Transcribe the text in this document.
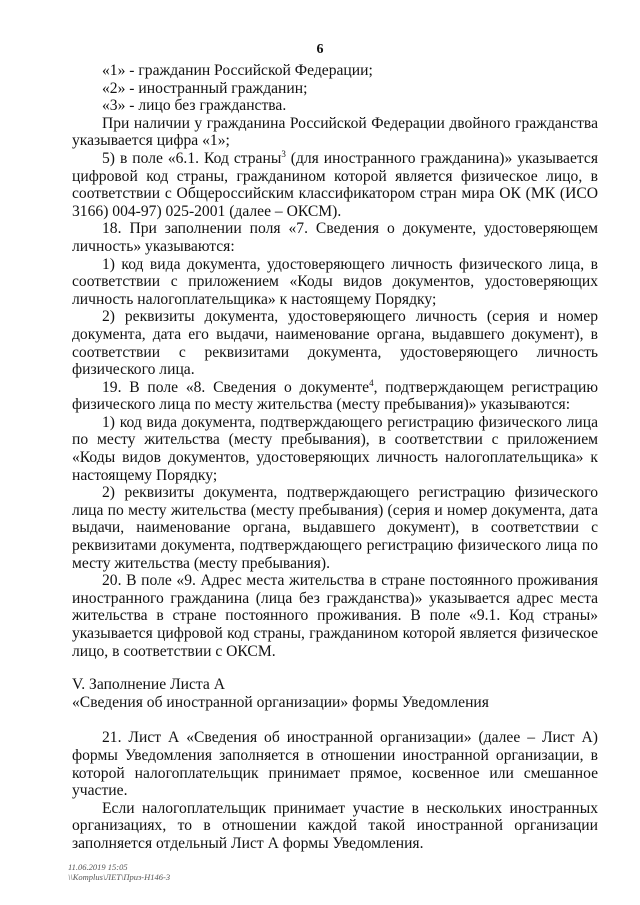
6

«1» - гражданин Российской Федерации;

«2» - иностранный гражданин;

«3» - лицо без гражданства.

При наличии у гражданина Российской Федерации двойного гражданства указывается цифра «1»;

5) в поле «6.1. Код страны$^3$ (для иностранного гражданина)» указывается цифровой код страны, гражданином которой является физическое лицо, в соответствии с Общероссийским классификатором стран мира ОК (МК (ИСО 3166) 004-97) 025-2001 (далее – ОКСМ).

18. При заполнении поля «7. Сведения о документе, удостоверяющем личность» указываются:

1) код вида документа, удостоверяющего личность физического лица, в соответствии с приложением «Коды видов документов, удостоверяющих личность налогоплательщика» к настоящему Порядку;

2) реквизиты документа, удостоверяющего личность (серия и номер документа, дата его выдачи, наименование органа, выдавшего документ), в соответствии с реквизитами документа, удостоверяющего личность физического лица.

19. В поле «8. Сведения о документе$^4$, подтверждающем регистрацию физического лица по месту жительства (месту пребывания)» указываются:

1) код вида документа, подтверждающего регистрацию физического лица по месту жительства (месту пребывания), в соответствии с приложением «Коды видов документов, удостоверяющих личность налогоплательщика» к настоящему Порядку;

2) реквизиты документа, подтверждающего регистрацию физического лица по месту жительства (месту пребывания) (серия и номер документа, дата выдачи, наименование органа, выдавшего документ), в соответствии с реквизитами документа, подтверждающего регистрацию физического лица по месту жительства (месту пребывания).

20. В поле «9. Адрес места жительства в стране постоянного проживания иностранного гражданина (лица без гражданства)» указывается адрес места жительства в стране постоянного проживания. В поле «9.1. Код страны» указывается цифровой код страны, гражданином которой является физическое лицо, в соответствии с ОКСМ.

V. Заполнение Листа А

«Сведения об иностранной организации» формы Уведомления

21. Лист А «Сведения об иностранной организации» (далее – Лист А) формы Уведомления заполняется в отношении иностранной организации, в которой налогоплательщик принимает прямое, косвенное или смешанное участие.

Если налогоплательщик принимает участие в нескольких иностранных организациях, то в отношении каждой такой иностранной организации заполняется отдельный Лист А формы Уведомления.

11.06.2019 15:05
\\Komplus\ЛЕТ\Приз-Н146-3
